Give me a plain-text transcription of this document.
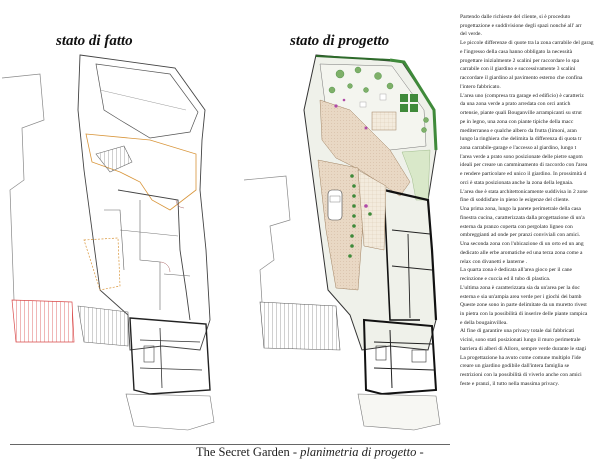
stato di fatto	stato di progetto

Partendo dalle richieste del cliente, si è proceduto

progettazione e suddivisione degli spazi nonché all' arr

del verde.

Le piccole differenze di quote tra la zona carrabile del garag

e l'ingresso della casa hanno obbligato la necessità

progettare inizialmente 2 scalini per raccordare lo spa

carrabile con il giardino e successivamente 3 scalini

raccordare il giardino al pavimento esterno che confina

l'intero fabbricato.

L'area uno (compresa tra garage ed edificio) è caratteriz

da una zona verde a prato arredata con orci antich

ortensie, piante quali Bouganville arrampicanti su strut

pe in legno, una zona con piante tipiche della macc

mediterranea e qualche albero da frutta (limoni, aran

lungo la ringhiera che delimita la differenza di quota tr

zona carrabile-garage e l'accesso al giardino, lungo t

l'area verde a prato sono posizionate delle pietre sagom

ideali per creare un camminamento di raccordo con l'area

e rendere particolare ed unico il giardino. In prossimità d

orci è stata posizionata anche la zona della legnaia.

L'area due è stata architettonicamente suddivisa in 2 zone

fine di soddisfare in pieno le esigenze del cliente.

Una prima zona, lungo la parete perimetrale della casa

finestra cucina, caratterizzata dalla progettazione di un'a

esterna da pranzo coperta con pergolato ligneo con

ombreggianti ad onde per pranzi conviviali con amici.

Una seconda zona con l'ubicazione di un orto ed un ang

dedicato alle erbe aromatiche ed una terza zona come a

relax con divanetti e lanterne .

La quarta zona è dedicata all'area gioco per il cane

recinzione e cuccia ed il tubo di plastica.

L'ultima zona è caratterizzata sia da un'area per la doc

esterna e sia un'ampia area verde per i giochi dei bamb

Queste zone sono in parte delimitate da un muretto rivest

in pietra con la possibilità di inserire delle piante rampica

e della bougainvillea.

Al fine di garantire una privacy totale dai fabbricati

vicini, sono stati posizionati lungo il muro perimetrale

barriera di alberi di Alloro, sempre verde durante le stagi

La progettazione ha avuto come comune multiplo l'ide

creare un giardino godibile dall'intera famiglia se

restrizioni con la possibilità di viverlo anche con amici

feste e pranzi, il tutto nella massima privacy.

The Secret Garden - planimetria di progetto -
